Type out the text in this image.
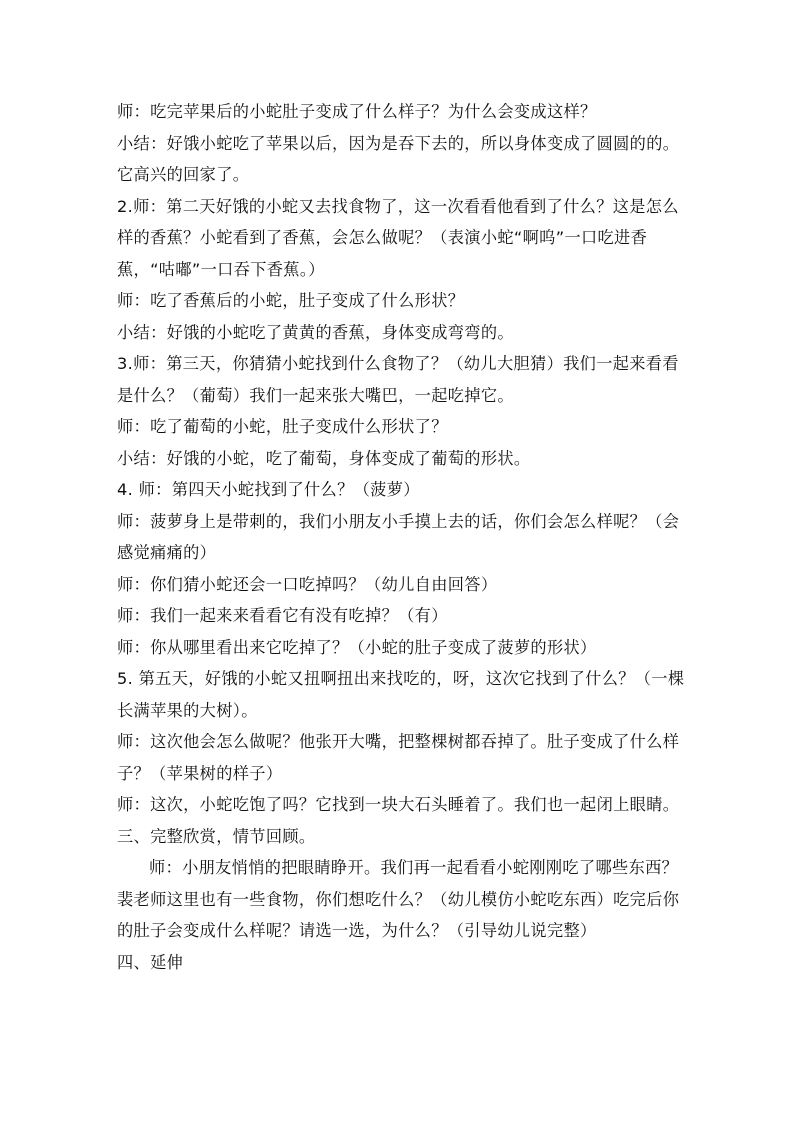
师：吃完苹果后的小蛇肚子变成了什么样子？为什么会变成这样？

小结：好饿小蛇吃了苹果以后，因为是吞下去的，所以身体变成了圆圆的的。

它高兴的回家了。

2.师：第二天好饿的小蛇又去找食物了，这一次看看他看到了什么？这是怎么

样的香蕉？小蛇看到了香蕉，会怎么做呢？（表演小蛇“啊呜”一口吃进香

蕉，“咕嘟”一口吞下香蕉。）

师：吃了香蕉后的小蛇，肚子变成了什么形状？

小结：好饿的小蛇吃了黄黄的香蕉，身体变成弯弯的。

3.师：第三天，你猜猜小蛇找到什么食物了？（幼儿大胆猜）我们一起来看看

是什么？（葡萄）我们一起来张大嘴巴，一起吃掉它。

师：吃了葡萄的小蛇，肚子变成什么形状了？

小结：好饿的小蛇，吃了葡萄，身体变成了葡萄的形状。

4. 师：第四天小蛇找到了什么？（菠萝）

师：菠萝身上是带刺的，我们小朋友小手摸上去的话，你们会怎么样呢？（会

感觉痛痛的）

师：你们猜小蛇还会一口吃掉吗？（幼儿自由回答）

师：我们一起来来看看它有没有吃掉？（有）

师：你从哪里看出来它吃掉了？（小蛇的肚子变成了菠萝的形状）

5. 第五天，好饿的小蛇又扭啊扭出来找吃的，呀，这次它找到了什么？（一棵

长满苹果的大树）。

师：这次他会怎么做呢？他张开大嘴，把整棵树都吞掉了。肚子变成了什么样

子？（苹果树的样子）

师：这次，小蛇吃饱了吗？它找到一块大石头睡着了。我们也一起闭上眼睛。

三、完整欣赏，情节回顾。

师：小朋友悄悄的把眼睛睁开。我们再一起看看小蛇刚刚吃了哪些东西？

裴老师这里也有一些食物，你们想吃什么？（幼儿模仿小蛇吃东西）吃完后你

的肚子会变成什么样呢？请选一选，为什么？（引导幼儿说完整）

四、延伸
